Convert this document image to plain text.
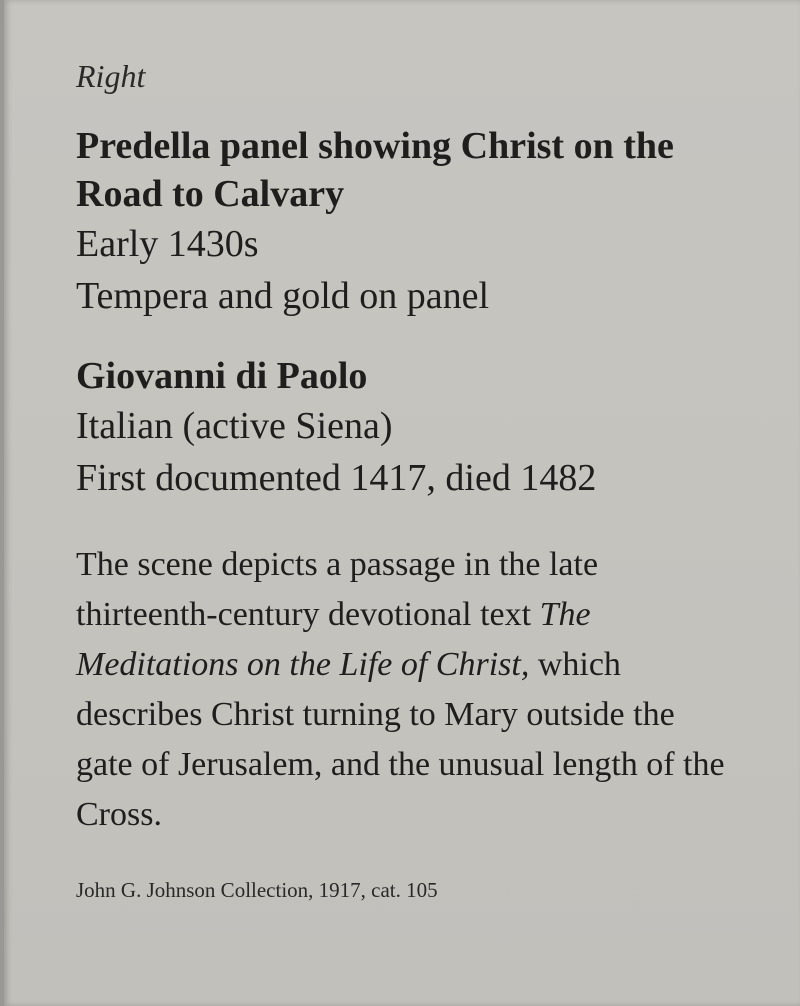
Right

Predella panel showing Christ on the Road to Calvary

Early 1430s

Tempera and gold on panel

Giovanni di Paolo

Italian (active Siena)

First documented 1417, died 1482

The scene depicts a passage in the late thirteenth-century devotional text The Meditations on the Life of Christ, which describes Christ turning to Mary outside the gate of Jerusalem, and the unusual length of the Cross.

John G. Johnson Collection, 1917, cat. 105
